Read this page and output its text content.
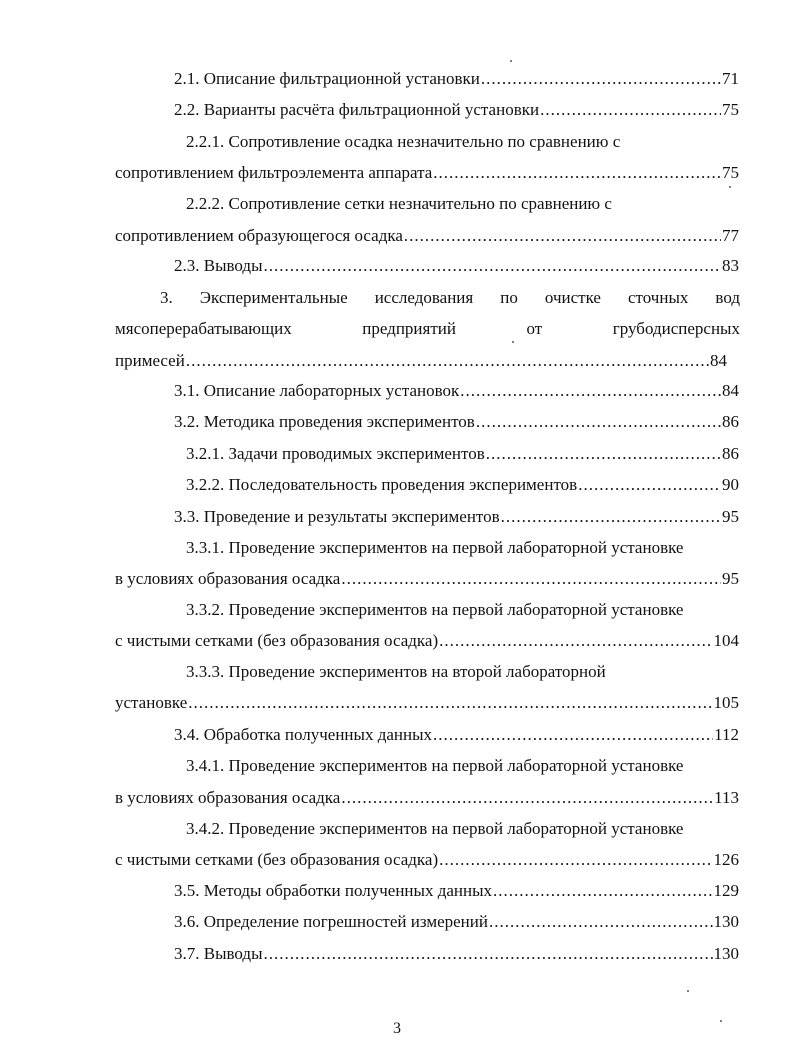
2.1. Описание фильтрационной установки .....	71
2.2. Варианты расчёта фильтрационной установки .....	75
2.2.1. Сопротивление осадка незначительно по сравнению с
сопротивлением фильтроэлемента аппарата .....	75
2.2.2. Сопротивление сетки незначительно по сравнению с
сопротивлением образующегося осадка .....	77
2.3. Выводы .....	83
3. Экспериментальные исследования по очистке сточных вод
мясоперерабатывающих	предприятий	от	грубодисперсных
примесей .....	84
3.1. Описание лабораторных установок .....	84
3.2. Методика проведения экспериментов .....	86
3.2.1. Задачи проводимых экспериментов .....	86
3.2.2. Последовательность проведения экспериментов .....	90
3.3. Проведение и результаты экспериментов .....	95
3.3.1. Проведение экспериментов на первой лабораторной установке
в условиях образования осадка .....	95
3.3.2. Проведение экспериментов на первой лабораторной установке
с чистыми сетками (без образования осадка) .....	104
3.3.3. Проведение экспериментов на второй лабораторной
установке .....	105
3.4. Обработка полученных данных .....	112
3.4.1. Проведение экспериментов на первой лабораторной установке
в условиях образования осадка .....	113
3.4.2. Проведение экспериментов на первой лабораторной установке
с чистыми сетками (без образования осадка) .....	126
3.5. Методы обработки полученных данных .....	129
3.6. Определение погрешностей измерений .....	130
3.7. Выводы .....	130
3
